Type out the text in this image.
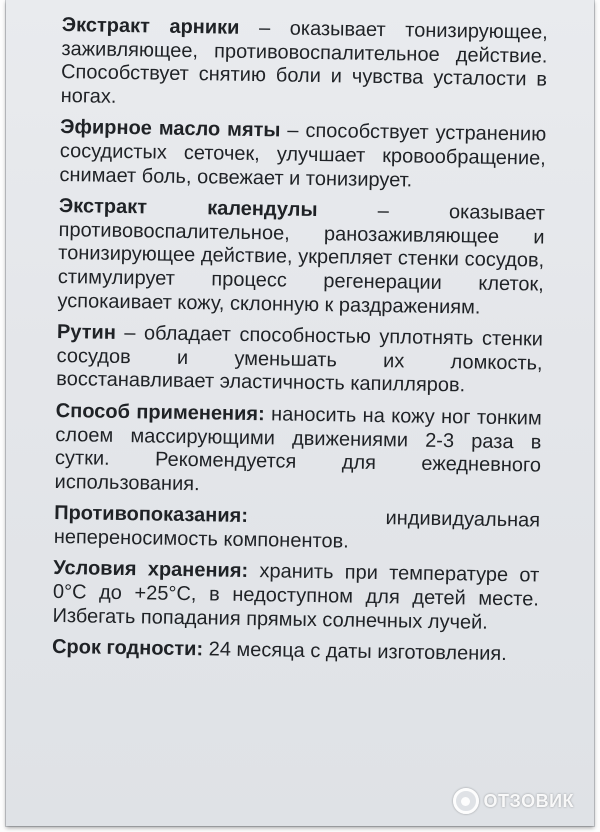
Экстракт арники – оказывает тонизирующее, заживляющее, противовоспалительное действие. Способствует снятию боли и чувства усталости в ногах.

Эфирное масло мяты – способствует устранению сосудистых сеточек, улучшает кровообращение, снимает боль, освежает и тонизирует.

Экстракт календулы – оказывает противовоспалительное, ранозаживляющее и тонизирующее действие, укрепляет стенки сосудов, стимулирует процесс регенерации клеток, успокаивает кожу, склонную к раздражениям.

Рутин – обладает способностью уплотнять стенки сосудов и уменьшать их ломкость, восстанавливает эластичность капилляров.

Способ применения: наносить на кожу ног тонким слоем массирующими движениями 2-3 раза в сутки. Рекомендуется для ежедневного использования.

Противопоказания: индивидуальная непереносимость компонентов.

Условия хранения: хранить при температуре от 0°С до +25°С, в недоступном для детей месте. Избегать попадания прямых солнечных лучей.

Срок годности: 24 месяца с даты изготовления.

ОТЗОВИК
